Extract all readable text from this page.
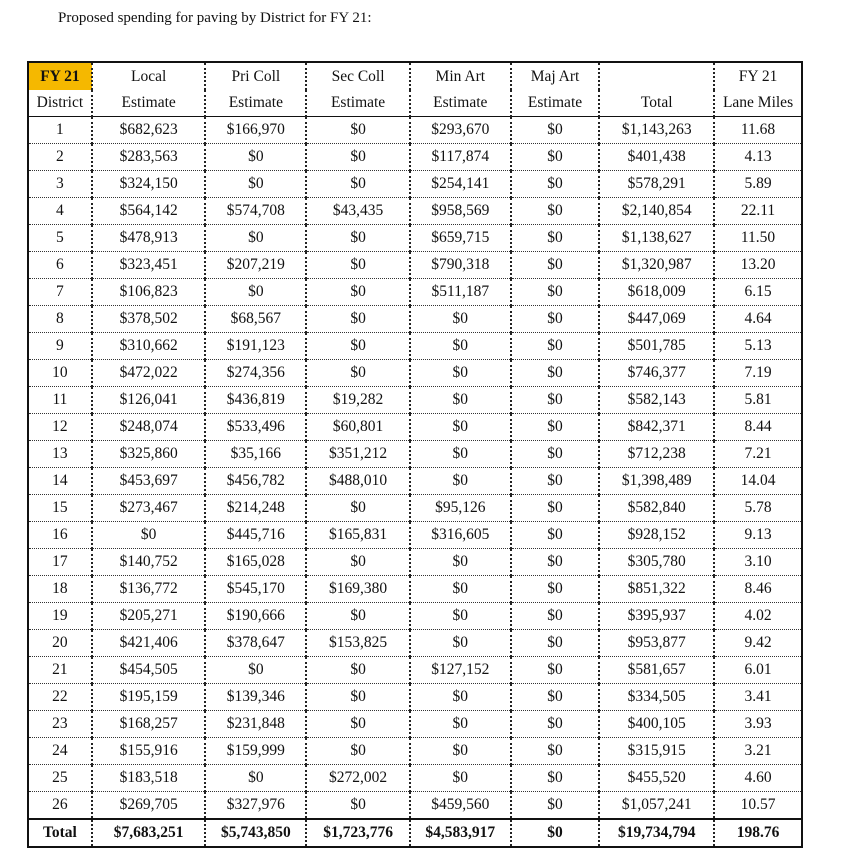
Proposed spending for paving by District for FY 21:
FY 21	Local	Pri Coll	Sec Coll	Min Art	Maj Art		FY 21
District	Estimate	Estimate	Estimate	Estimate	Estimate	Total	Lane Miles
1	$682,623	$166,970	$0	$293,670	$0	$1,143,263	11.68
2	$283,563	$0	$0	$117,874	$0	$401,438	4.13
3	$324,150	$0	$0	$254,141	$0	$578,291	5.89
4	$564,142	$574,708	$43,435	$958,569	$0	$2,140,854	22.11
5	$478,913	$0	$0	$659,715	$0	$1,138,627	11.50
6	$323,451	$207,219	$0	$790,318	$0	$1,320,987	13.20
7	$106,823	$0	$0	$511,187	$0	$618,009	6.15
8	$378,502	$68,567	$0	$0	$0	$447,069	4.64
9	$310,662	$191,123	$0	$0	$0	$501,785	5.13
10	$472,022	$274,356	$0	$0	$0	$746,377	7.19
11	$126,041	$436,819	$19,282	$0	$0	$582,143	5.81
12	$248,074	$533,496	$60,801	$0	$0	$842,371	8.44
13	$325,860	$35,166	$351,212	$0	$0	$712,238	7.21
14	$453,697	$456,782	$488,010	$0	$0	$1,398,489	14.04
15	$273,467	$214,248	$0	$95,126	$0	$582,840	5.78
16	$0	$445,716	$165,831	$316,605	$0	$928,152	9.13
17	$140,752	$165,028	$0	$0	$0	$305,780	3.10
18	$136,772	$545,170	$169,380	$0	$0	$851,322	8.46
19	$205,271	$190,666	$0	$0	$0	$395,937	4.02
20	$421,406	$378,647	$153,825	$0	$0	$953,877	9.42
21	$454,505	$0	$0	$127,152	$0	$581,657	6.01
22	$195,159	$139,346	$0	$0	$0	$334,505	3.41
23	$168,257	$231,848	$0	$0	$0	$400,105	3.93
24	$155,916	$159,999	$0	$0	$0	$315,915	3.21
25	$183,518	$0	$272,002	$0	$0	$455,520	4.60
26	$269,705	$327,976	$0	$459,560	$0	$1,057,241	10.57
Total	$7,683,251	$5,743,850	$1,723,776	$4,583,917	$0	$19,734,794	198.76
